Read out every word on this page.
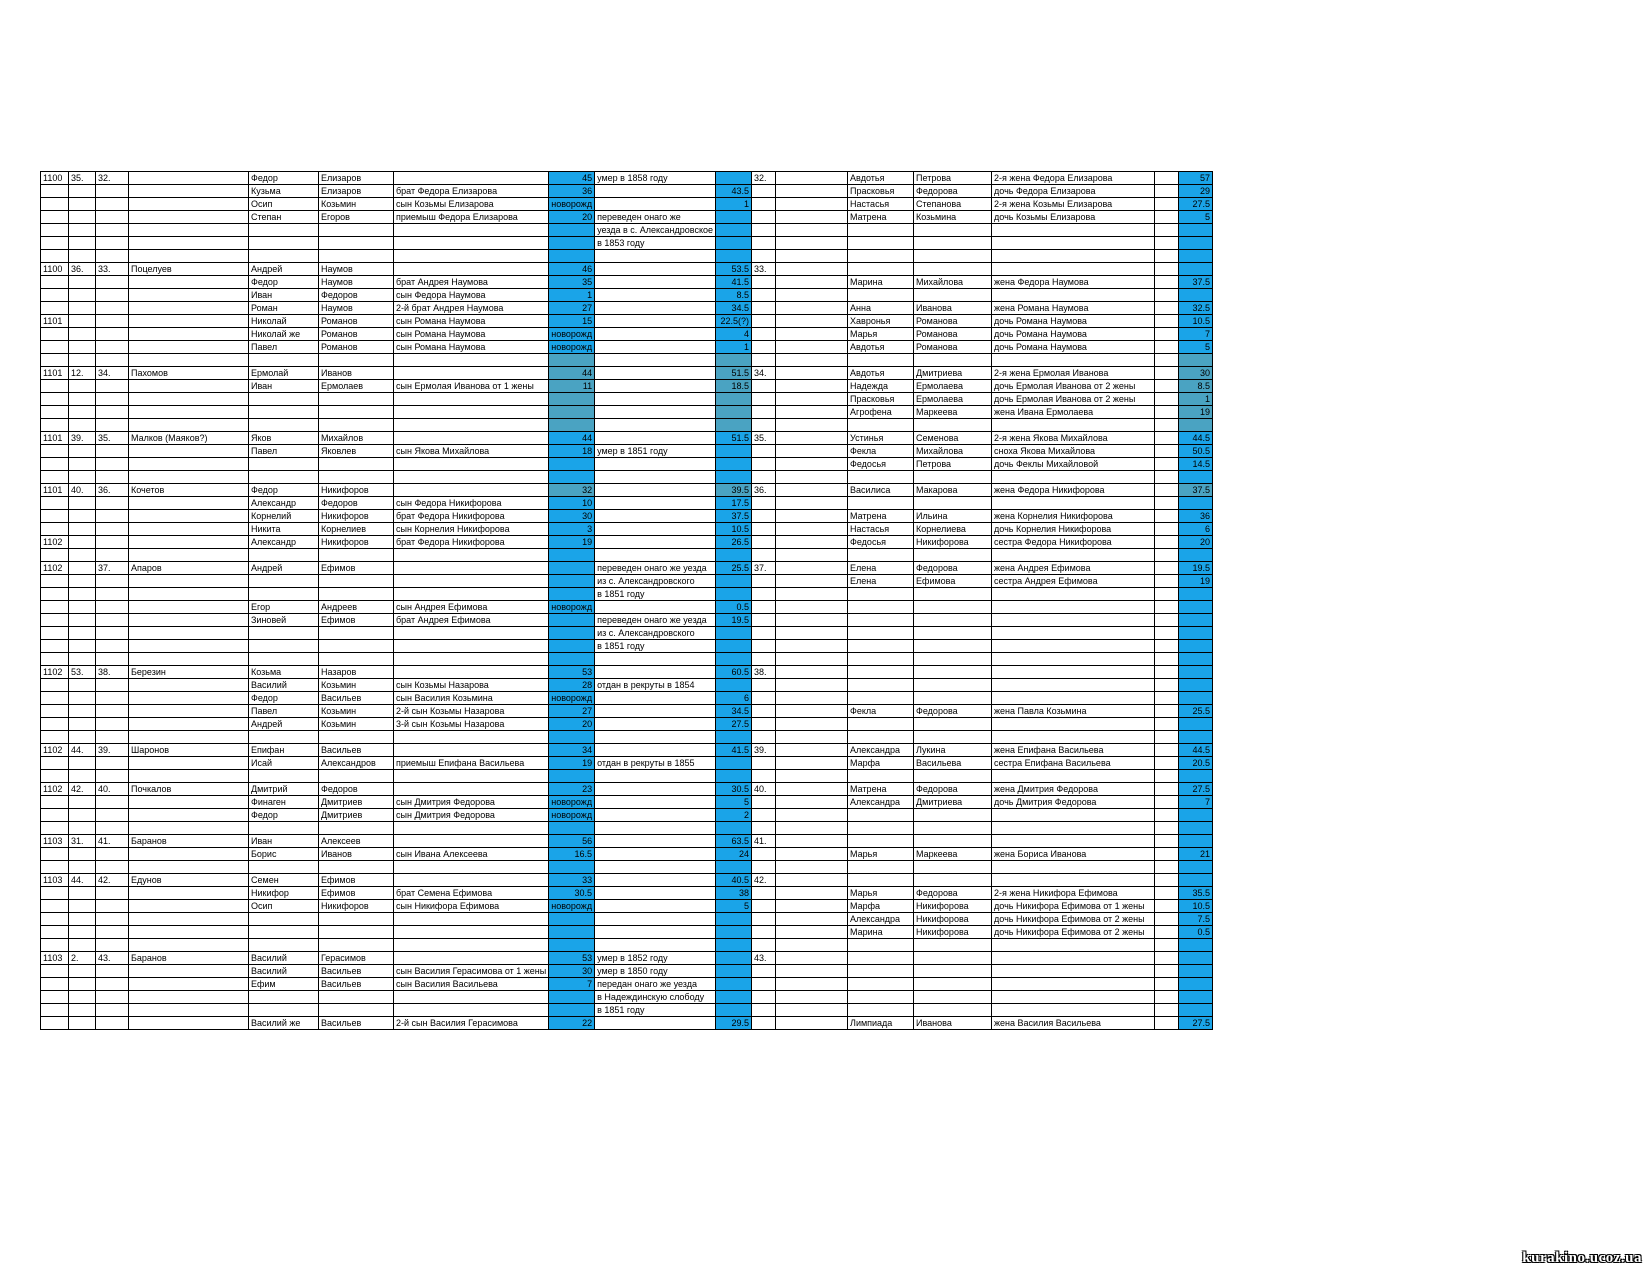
1100	35.	32.		Федор	Елизаров		45	умер в 1858 году		32.		Авдотья	Петрова	2-я жена Федора Елизарова		57
				Кузьма	Елизаров	брат Федора Елизарова	36		43.5			Прасковья	Федорова	дочь Федора Елизарова		29
				Осип	Козьмин	сын Козьмы Елизарова	новорожд		1			Настасья	Степанова	2-я жена Козьмы Елизарова		27.5
				Степан	Егоров	приемыш Федора Елизарова	20	переведен онаго же				Матрена	Козьмина	дочь Козьмы Елизарова		5
								уезда в с. Александровское								
								в 1853 году								

1100	36.	33.	Поцелуев	Андрей	Наумов		46		53.5	33.						
				Федор	Наумов	брат Андрея Наумова	35		41.5			Марина	Михайлова	жена Федора Наумова		37.5
				Иван	Федоров	сын Федора Наумова	1		8.5							
				Роман	Наумов	2-й брат Андрея Наумова	27		34.5			Анна	Иванова	жена Романа Наумова		32.5
1101				Николай	Романов	сын Романа Наумова	15		22.5(?)			Хавронья	Романова	дочь Романа Наумова		10.5
				Николай же	Романов	сын Романа Наумова	новорожд		4			Марья	Романова	дочь Романа Наумова		7
				Павел	Романов	сын Романа Наумова	новорожд		1			Авдотья	Романова	дочь Романа Наумова		5

1101	12.	34.	Пахомов	Ермолай	Иванов		44		51.5	34.		Авдотья	Дмитриева	2-я жена Ермолая Иванова		30
				Иван	Ермолаев	сын Ермолая Иванова от 1 жены	11		18.5			Надежда	Ермолаева	дочь Ермолая Иванова от 2 жены		8.5
												Прасковья	Ермолаева	дочь Ермолая Иванова от 2 жены		1
												Агрофена	Маркеева	жена Ивана Ермолаева		19

1101	39.	35.	Малков (Маяков?)	Яков	Михайлов		44		51.5	35.		Устинья	Семенова	2-я жена Якова Михайлова		44.5
				Павел	Яковлев	сын Якова Михайлова	18	умер в 1851 году				Фекла	Михайлова	сноха Якова Михайлова		50.5
												Федосья	Петрова	дочь Феклы Михайловой		14.5

1101	40.	36.	Кочетов	Федор	Никифоров		32		39.5	36.		Василиса	Макарова	жена Федора Никифорова		37.5
				Александр	Федоров	сын Федора Никифорова	10		17.5							
				Корнелий	Никифоров	брат Федора Никифорова	30		37.5			Матрена	Ильина	жена Корнелия Никифорова		36
				Никита	Корнелиев	сын Корнелия Никифорова	3		10.5			Настасья	Корнелиева	дочь Корнелия Никифорова		6
1102				Александр	Никифоров	брат Федора Никифорова	19		26.5			Федосья	Никифорова	сестра Федора Никифорова		20

1102		37.	Апаров	Андрей	Ефимов			переведен онаго же уезда	25.5	37.		Елена	Федорова	жена Андрея Ефимова		19.5
								из с. Александровского				Елена	Ефимова	сестра Андрея Ефимова		19
								в 1851 году								
				Егор	Андреев	сын Андрея Ефимова	новорожд		0.5							
				Зиновей	Ефимов	брат Андрея Ефимова		переведен онаго же уезда	19.5							
								из с. Александровского								
								в 1851 году								

1102	53.	38.	Березин	Козьма	Назаров		53		60.5	38.						
				Василий	Козьмин	сын Козьмы Назарова	28	отдан в рекруты в 1854								
				Федор	Васильев	сын Василия Козьмина	новорожд		6							
				Павел	Козьмин	2-й сын Козьмы Назарова	27		34.5			Фекла	Федорова	жена Павла Козьмина		25.5
				Андрей	Козьмин	3-й сын Козьмы Назарова	20		27.5							

1102	44.	39.	Шаронов	Епифан	Васильев		34		41.5	39.		Александра	Лукина	жена Епифана Васильева		44.5
				Исай	Александров	приемыш Епифана Васильева	19	отдан в рекруты в 1855				Марфа	Васильева	сестра Епифана Васильева		20.5

1102	42.	40.	Почкалов	Дмитрий	Федоров		23		30.5	40.		Матрена	Федорова	жена Дмитрия Федорова		27.5
				Финаген	Дмитриев	сын Дмитрия Федорова	новорожд		5			Александра	Дмитриева	дочь Дмитрия Федорова		7
				Федор	Дмитриев	сын Дмитрия Федорова	новорожд		2							

1103	31.	41.	Баранов	Иван	Алексеев		56		63.5	41.						
				Борис	Иванов	сын Ивана Алексеева	16.5		24			Марья	Маркеева	жена Бориса Иванова		21

1103	44.	42.	Едунов	Семен	Ефимов		33		40.5	42.						
				Никифор	Ефимов	брат Семена Ефимова	30.5		38			Марья	Федорова	2-я жена Никифора Ефимова		35.5
				Осип	Никифоров	сын Никифора Ефимова	новорожд		5			Марфа	Никифорова	дочь Никифора Ефимова от 1 жены		10.5
												Александра	Никифорова	дочь Никифора Ефимова от 2 жены		7.5
												Марина	Никифорова	дочь Никифора Ефимова от 2 жены		0.5

1103	2.	43.	Баранов	Василий	Герасимов		53	умер в 1852 году		43.						
				Василий	Васильев	сын Василия Герасимова от 1 жены	30	умер в 1850 году								
				Ефим	Васильев	сын Василия Васильева	7	передан онаго же уезда								
								в Надеждинскую слободу								
								в 1851 году								
				Василий же	Васильев	2-й сын Василия Герасимова	22		29.5			Лимпиада	Иванова	жена Василия Васильева		27.5
kurakino.ucoz.ua
